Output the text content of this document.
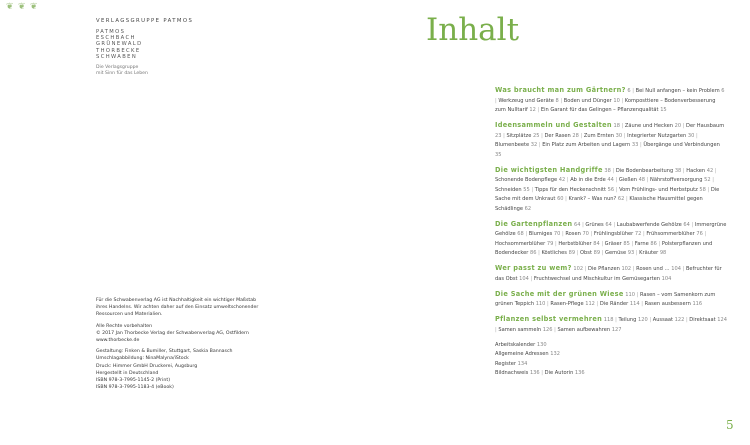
❦ ❦ ❦
VERLAGSGRUPPE PATMOS
PATMOS
ESCHBACH
GRÜNEWALD
THORBECKE
SCHWABEN
Die Verlagsgruppe
mit Sinn für das Leben

Für die Schwabenverlag AG ist Nachhaltigkeit ein wichtiger Maßstab
ihres Handelns. Wir achten daher auf den Einsatz umweltschonender
Ressourcen und Materialien.

Alle Rechte vorbehalten
© 2017 Jan Thorbecke Verlag der Schwabenverlag AG, Ostfildern
www.thorbecke.de

Gestaltung: Finken & Bumiller, Stuttgart, Saskia Bannasch
Umschlagabbildung: NinaMalyna/iStock
Druck: Himmer GmbH Druckerei, Augsburg
Hergestellt in Deutschland
ISBN 978-3-7995-1145-2 (Print)
ISBN 978-3-7995-1183-4 (eBook)

Inhalt
Was braucht man zum Gärtnern? 6 | Bei Null anfangen – kein Problem 6 | Werkzeug und Geräte 8 | Boden und Dünger 10 | Komposttiere – Bodenverbesserung zum Nulltarif 12 | Ein Garant für das Gelingen – Pflanzenqualität 15
Ideensammeln und Gestalten 18 | Zäune und Hecken 20 | Der Hausbaum 23 | Sitzplätze 25 | Der Rasen 28 | Zum Ernten 30 | Integrierter Nutzgarten 30 | Blumenbeete 32 | Ein Platz zum Arbeiten und Lagern 33 | Übergänge und Verbindungen 35
Die wichtigsten Handgriffe 38 | Die Bodenbearbeitung 38 | Hacken 42 | Schonende Bodenpflege 42 | Ab in die Erde 44 | Gießen 48 | Nährstoffversorgung 52 | Schneiden 55 | Tipps für den Heckenschnitt 56 | Vom Frühlings- und Herbstputz 58 | Die Sache mit dem Unkraut 60 | Krank? – Was nun? 62 | Klassische Hausmittel gegen Schädlinge 62
Die Gartenpflanzen 64 | Grünes 64 | Laubabwerfende Gehölze 64 | Immergrüne Gehölze 68 | Blumiges 70 | Rosen 70 | Frühlingsblüher 72 | Frühsommerblüher 76 | Hochsommerblüher 79 | Herbstblüher 84 | Gräser 85 | Farne 86 | Polsterpflanzen und Bodendecker 86 | Köstliches 89 | Obst 89 | Gemüse 93 | Kräuter 98
Wer passt zu wem? 102 | Die Pflanzen 102 | Rosen und … 104 | Befruchter für das Obst 104 | Fruchtwechsel und Mischkultur im Gemüsegarten 104
Die Sache mit der grünen Wiese 110 | Rasen – vom Samenkorn zum grünen Teppich 110 | Rasen-Pflege 112 | Die Ränder 114 | Rasen ausbessern 116
Pflanzen selbst vermehren 118 | Teilung 120 | Aussaat 122 | Direktsaat 124 | Samen sammeln 126 | Samen aufbewahren 127
Arbeitskalender 130
Allgemeine Adressen 132
Register 134
Bildnachweis 136 | Die Autorin 136
5
